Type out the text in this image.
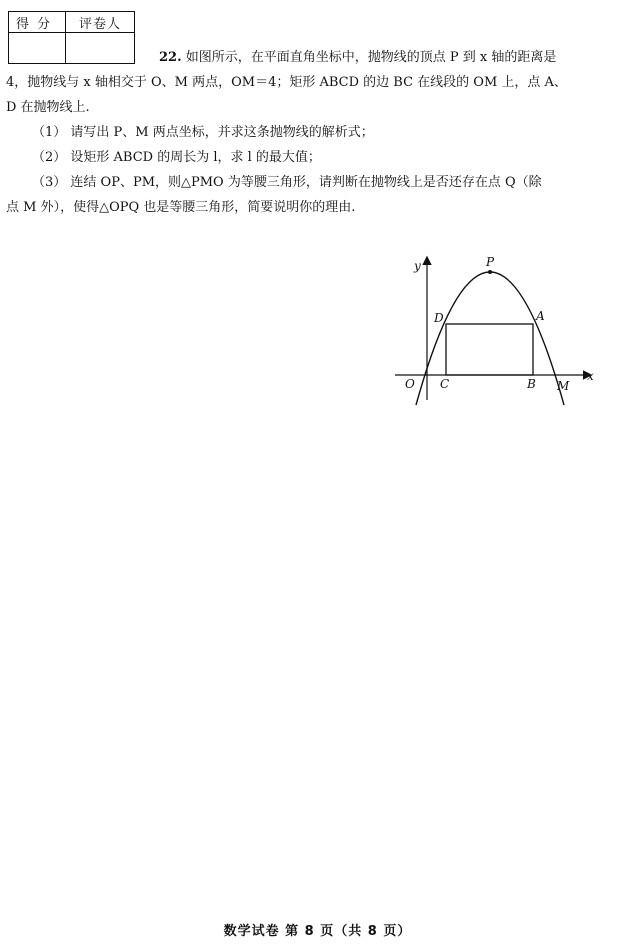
得分	评卷人

22. 如图所示，在平面直角坐标中，抛物线的顶点 P 到 x 轴的距离是

4，抛物线与 x 轴相交于 O、M 两点，OM＝4；矩形 ABCD 的边 BC 在线段的 OM 上，点 A、

D 在抛物线上.

（1） 请写出 P、M 两点坐标，并求这条抛物线的解析式；

（2） 设矩形 ABCD 的周长为 l，求 l 的最大值；

（3） 连结 OP、PM，则△PMO 为等腰三角形，请判断在抛物线上是否还存在点 Q（除

点 M 外），使得△OPQ 也是等腰三角形，简要说明你的理由.

y
x
P
D	A
O C	B M
数学试卷 第 8 页（共 8 页）
